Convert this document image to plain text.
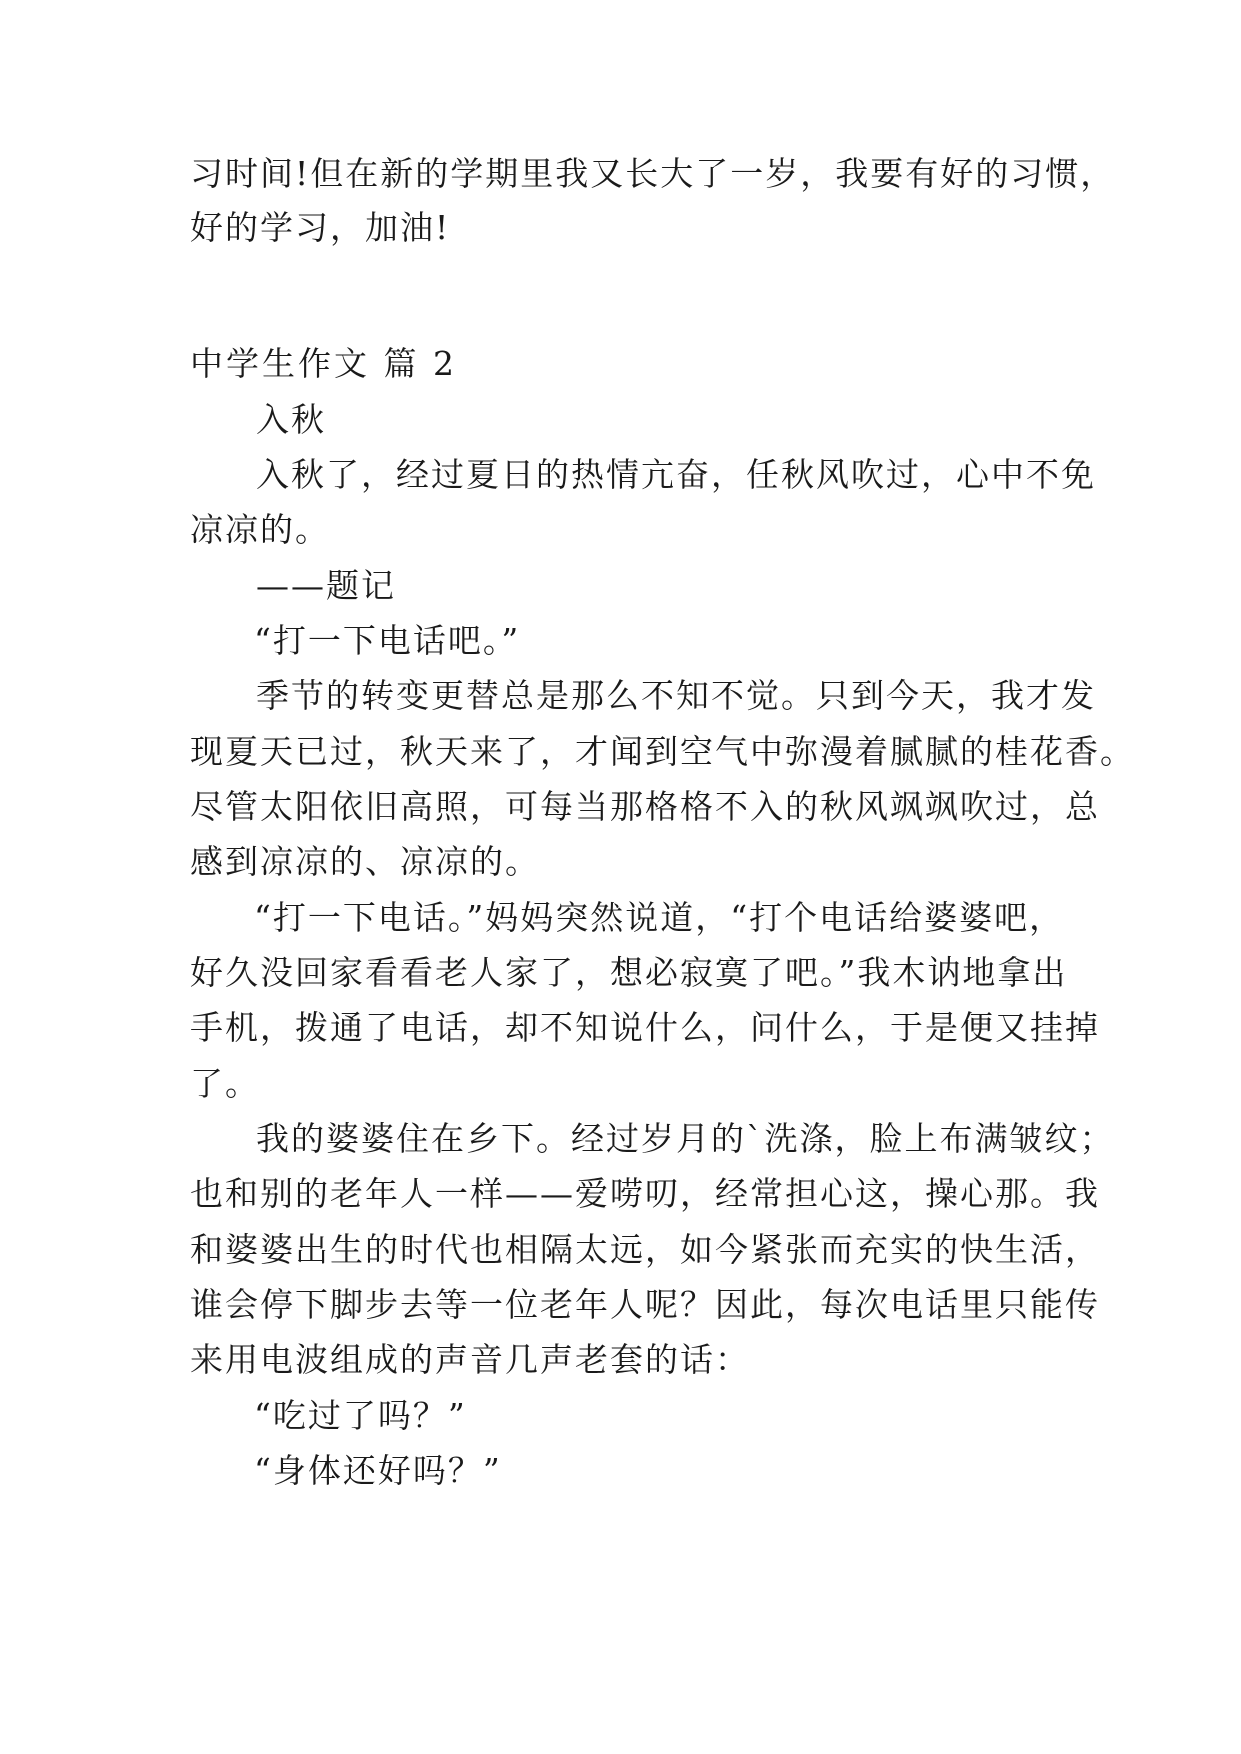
习时间!但在新的学期里我又长大了一岁，我要有好的习惯，
好的学习，加油!
中学生作文 篇 2
入秋
入秋了，经过夏日的热情亢奋，任秋风吹过，心中不免
凉凉的。
——题记
“打一下电话吧。”
季节的转变更替总是那么不知不觉。只到今天，我才发
现夏天已过，秋天来了，才闻到空气中弥漫着腻腻的桂花香。
尽管太阳依旧高照，可每当那格格不入的秋风飒飒吹过，总
感到凉凉的、凉凉的。
“打一下电话。”妈妈突然说道，“打个电话给婆婆吧，
好久没回家看看老人家了，想必寂寞了吧。”我木讷地拿出
手机，拨通了电话，却不知说什么，问什么，于是便又挂掉
了。
我的婆婆住在乡下。经过岁月的`洗涤，脸上布满皱纹；
也和别的老年人一样——爱唠叨，经常担心这，操心那。我
和婆婆出生的时代也相隔太远，如今紧张而充实的快生活，
谁会停下脚步去等一位老年人呢？因此，每次电话里只能传
来用电波组成的声音几声老套的话：
“吃过了吗？”
“身体还好吗？”
